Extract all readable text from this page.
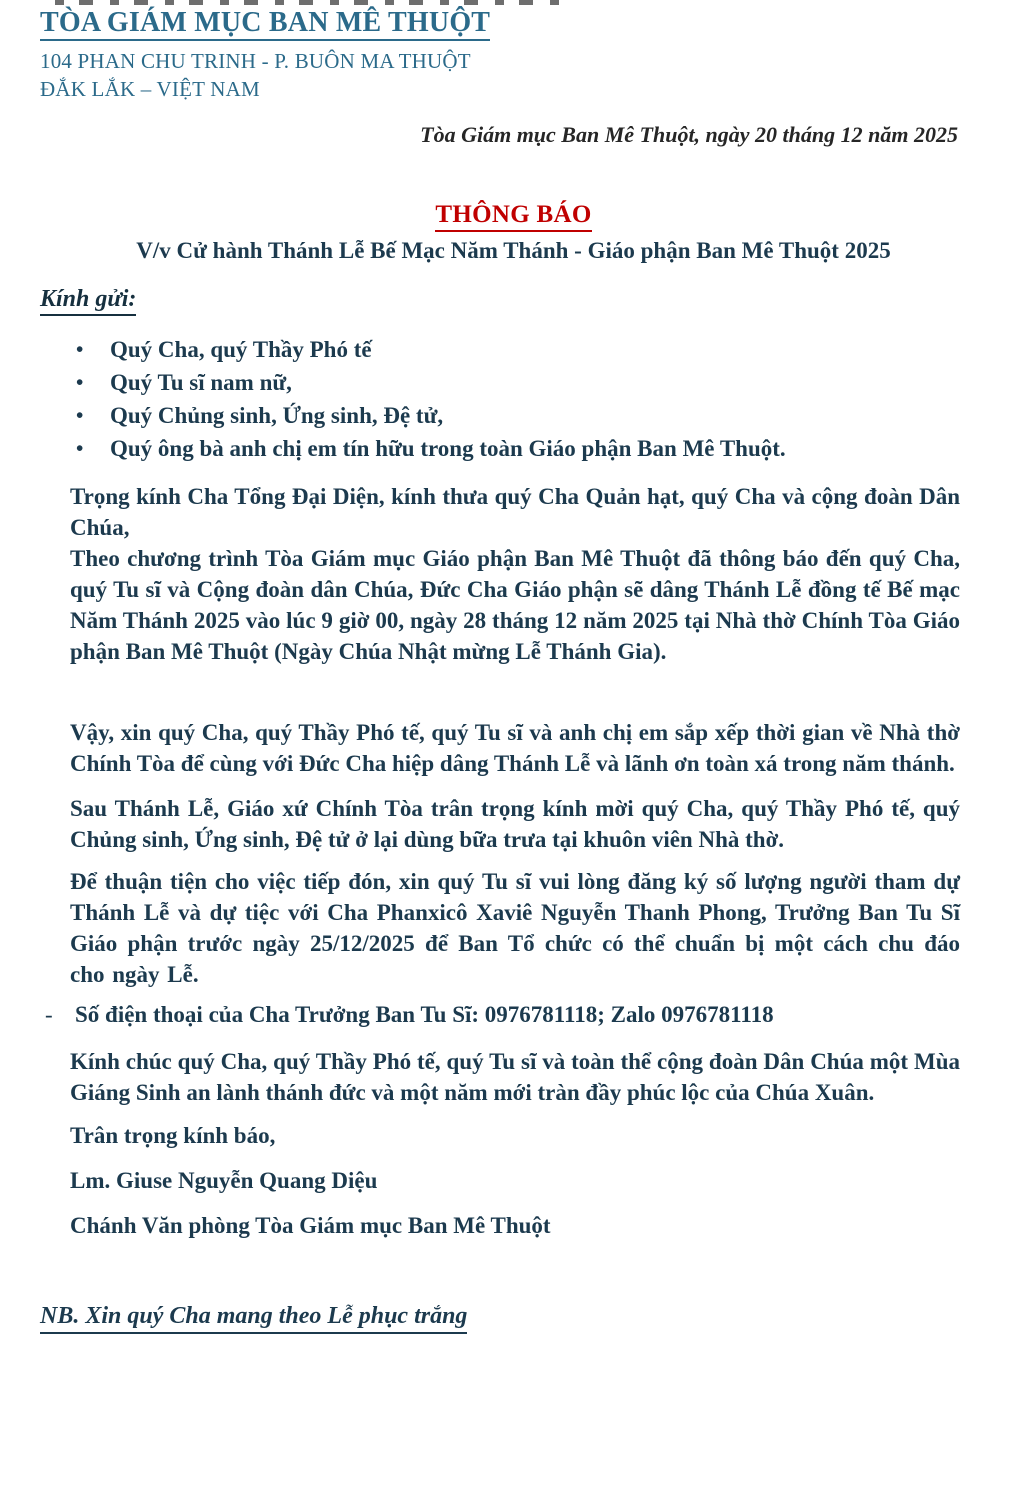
TÒA GIÁM MỤC BAN MÊ THUỘT
104 PHAN CHU TRINH - P. BUÔN MA THUỘT
ĐẮK LẮK – VIỆT NAM
Tòa Giám mục Ban Mê Thuột, ngày 20 tháng 12 năm 2025
THÔNG BÁO
V/v Cử hành Thánh Lễ Bế Mạc Năm Thánh - Giáo phận Ban Mê Thuột 2025
Kính gửi:
• Quý Cha, quý Thầy Phó tế
• Quý Tu sĩ nam nữ,
• Quý Chủng sinh, Ứng sinh, Đệ tử,
• Quý ông bà anh chị em tín hữu trong toàn Giáo phận Ban Mê Thuột.
Trọng kính Cha Tổng Đại Diện, kính thưa quý Cha Quản hạt, quý Cha và cộng đoàn Dân Chúa,
Theo chương trình Tòa Giám mục Giáo phận Ban Mê Thuột đã thông báo đến quý Cha, quý Tu sĩ và Cộng đoàn dân Chúa, Đức Cha Giáo phận sẽ dâng Thánh Lễ đồng tế Bế mạc Năm Thánh 2025 vào lúc 9 giờ 00, ngày 28 tháng 12 năm 2025 tại Nhà thờ Chính Tòa Giáo phận Ban Mê Thuột (Ngày Chúa Nhật mừng Lễ Thánh Gia).
Vậy, xin quý Cha, quý Thầy Phó tế, quý Tu sĩ và anh chị em sắp xếp thời gian về Nhà thờ Chính Tòa để cùng với Đức Cha hiệp dâng Thánh Lễ và lãnh ơn toàn xá trong năm thánh.
Sau Thánh Lễ, Giáo xứ Chính Tòa trân trọng kính mời quý Cha, quý Thầy Phó tế, quý Chủng sinh, Ứng sinh, Đệ tử ở lại dùng bữa trưa tại khuôn viên Nhà thờ.
Để thuận tiện cho việc tiếp đón, xin quý Tu sĩ vui lòng đăng ký số lượng người tham dự Thánh Lễ và dự tiệc với Cha Phanxicô Xaviê Nguyễn Thanh Phong, Trưởng Ban Tu Sĩ Giáo phận trước ngày 25/12/2025 để Ban Tổ chức có thể chuẩn bị một cách chu đáo cho ngày Lễ.
- Số điện thoại của Cha Trưởng Ban Tu Sĩ: 0976781118; Zalo 0976781118
Kính chúc quý Cha, quý Thầy Phó tế, quý Tu sĩ và toàn thể cộng đoàn Dân Chúa một Mùa Giáng Sinh an lành thánh đức và một năm mới tràn đầy phúc lộc của Chúa Xuân.
Trân trọng kính báo,
Lm. Giuse Nguyễn Quang Diệu
Chánh Văn phòng Tòa Giám mục Ban Mê Thuột
NB. Xin quý Cha mang theo Lễ phục trắng
